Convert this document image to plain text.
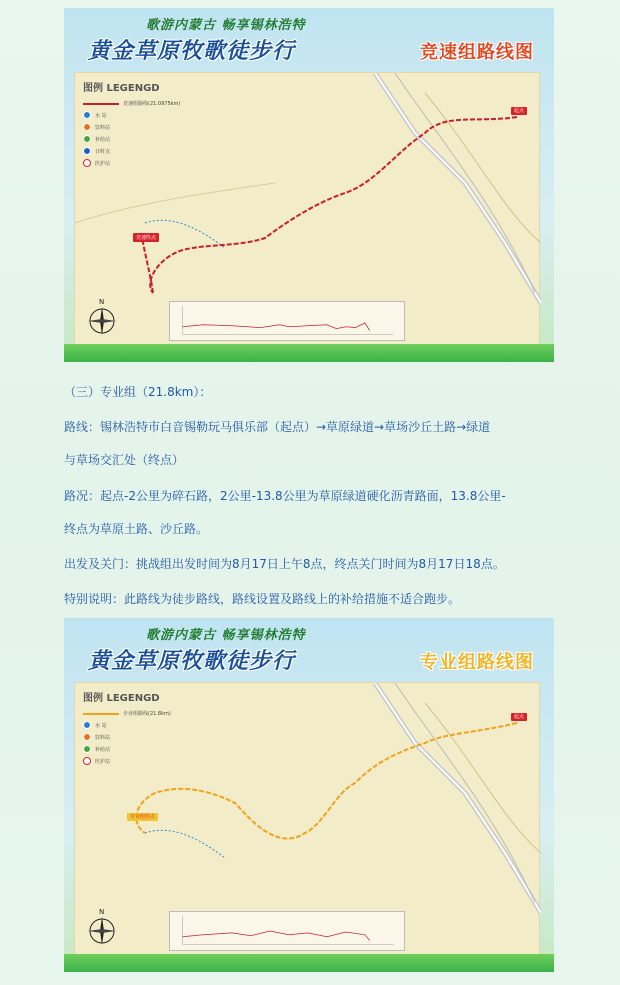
歌游内蒙古 畅享锡林浩特
黄金草原牧歌徒步行	竞速组路线图
图例 LEGENGD
竞速组路线(21.0975km)
水 站
饮料站
补给站
计时点
医护站
起点
竞速终点
N
（三）专业组（21.8km）：
路线：锡林浩特市白音锡勒玩马俱乐部（起点）→草原绿道→草场沙丘土路→绿道
与草场交汇处（终点）
路况：起点-2公里为碎石路，2公里-13.8公里为草原绿道硬化沥青路面，13.8公里-
终点为草原土路、沙丘路。
出发及关门：挑战组出发时间为8月17日上午8点，终点关门时间为8月17日18点。
特别说明：此路线为徒步路线，路线设置及路线上的补给措施不适合跑步。
歌游内蒙古 畅享锡林浩特
黄金草原牧歌徒步行	专业组路线图
图例 LEGENGD
专业组路线(21.8km)
水 站
饮料站
补给站
医护站
起点
专业组终点
N
